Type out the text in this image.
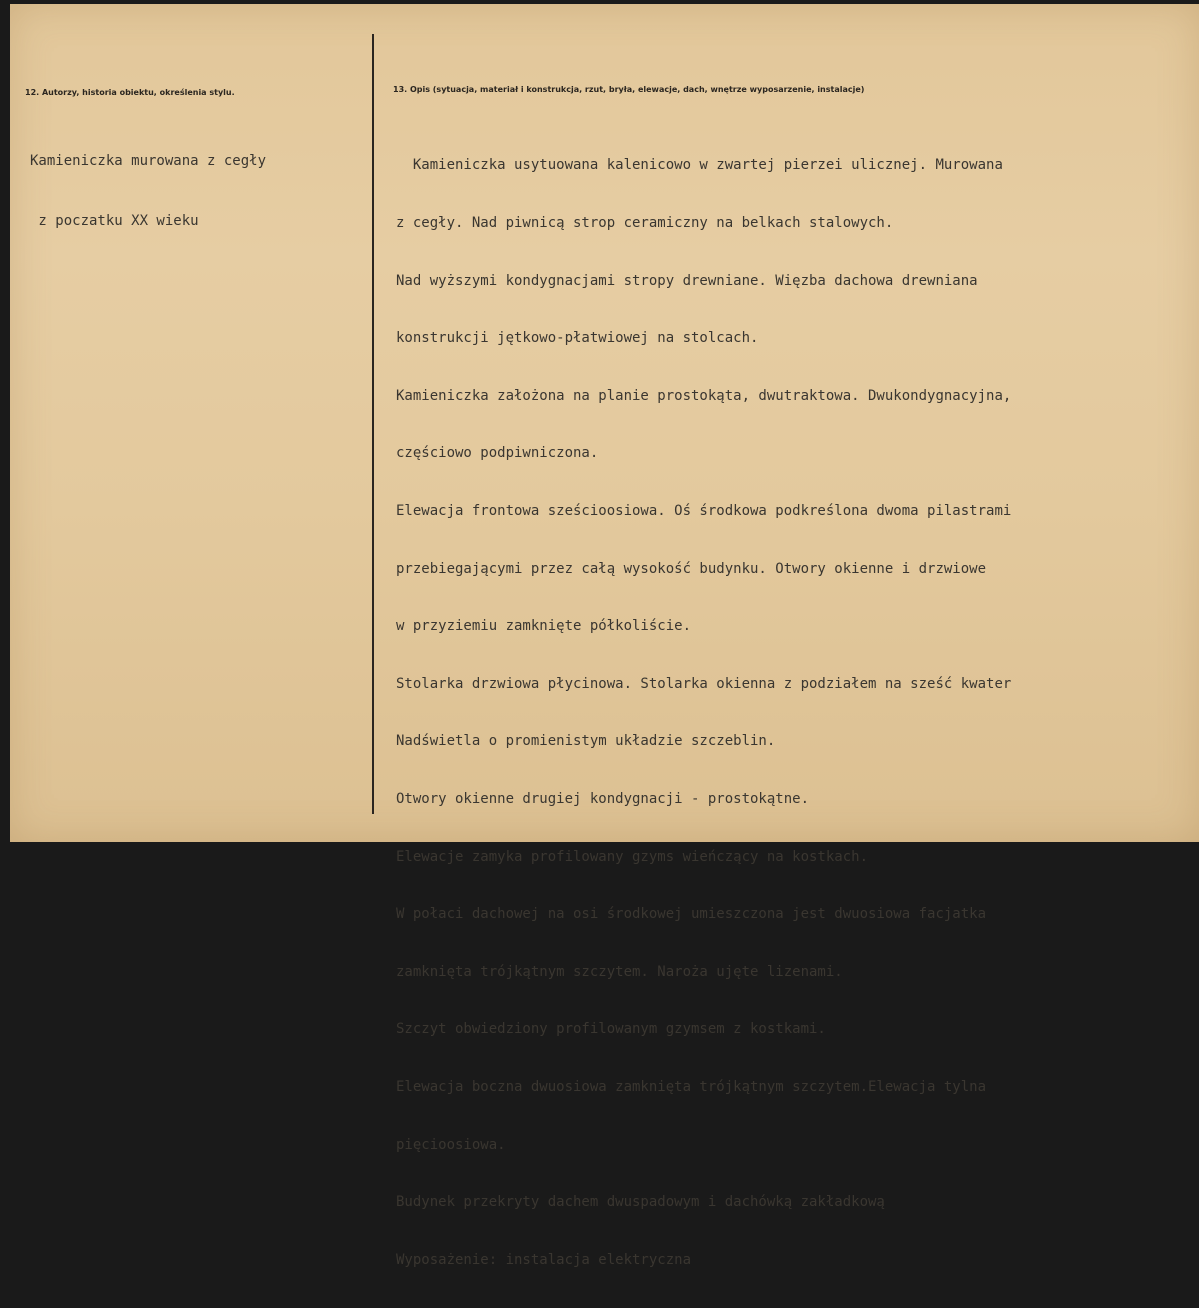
12. Autorzy, historia obiektu, określenia stylu.

Kamieniczka murowana z cegły

z poczatku XX wieku

13. Opis (sytuacja, materiał i konstrukcja, rzut, bryła, elewacje, dach, wnętrze wyposarzenie, instalacje)

Kamieniczka usytuowana kalenicowo w zwartej pierzei ulicznej. Murowana

z cegły. Nad piwnicą strop ceramiczny na belkach stalowych.

Nad wyższymi kondygnacjami stropy drewniane. Więzba dachowa drewniana

konstrukcji jętkowo-płatwiowej na stolcach.

Kamieniczka założona na planie prostokąta, dwutraktowa. Dwukondygnacyjna,

częściowo podpiwniczona.

Elewacja frontowa sześcioosiowa. Oś środkowa podkreślona dwoma pilastrami

przebiegającymi przez całą wysokość budynku. Otwory okienne i drzwiowe

w przyziemiu zamknięte półkoliście.

Stolarka drzwiowa płycinowa. Stolarka okienna z podziałem na sześć kwater

Nadświetla o promienistym układzie szczeblin.

Otwory okienne drugiej kondygnacji - prostokątne.

Elewacje zamyka profilowany gzyms wieńczący na kostkach.

W połaci dachowej na osi środkowej umieszczona jest dwuosiowa facjatka

zamknięta trójkątnym szczytem. Naroża ujęte lizenami.

Szczyt obwiedziony profilowanym gzymsem z kostkami.

Elewacja boczna dwuosiowa zamknięta trójkątnym szczytem.Elewacja tylna

pięcioosiowa.

Budynek przekryty dachem dwuspadowym i dachówką zakładkową

Wyposażenie: instalacja elektryczna
